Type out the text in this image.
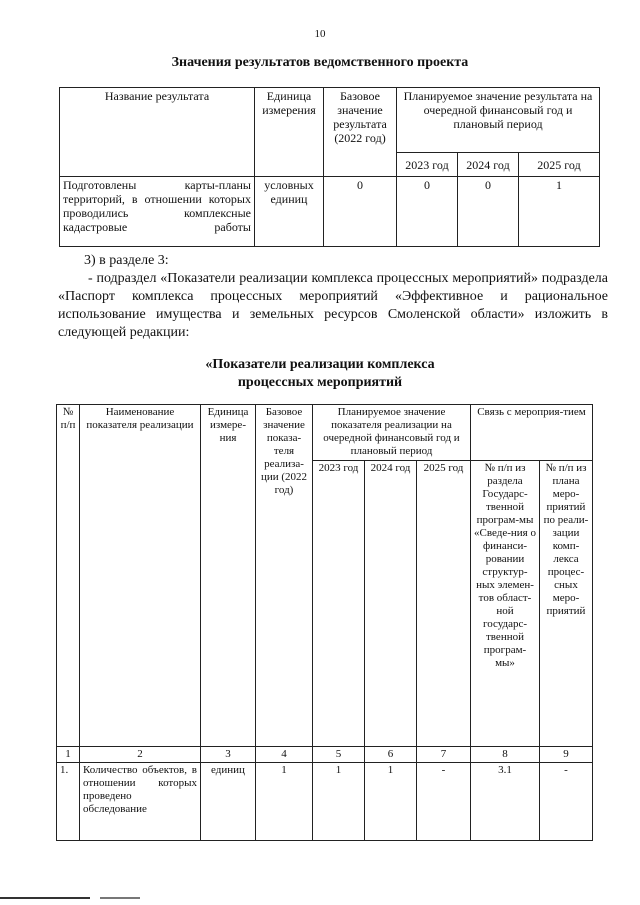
10
Значения результатов ведомственного проекта
Название результата	Единица измерения	Базовое значение результата (2022 год)	Планируемое значение результата на очередной финансовый год и плановый период		
			2023 год	2024 год	2025 год
Подготовлены карты-планы территорий, в отношении которых проводились комплексные кадастровые работы	условных единиц	0	0	0	1
3) в разделе 3:
- подраздел «Показатели реализации комплекса процессных мероприятий» подраздела «Паспорт комплекса процессных мероприятий «Эффективное и рациональное использование имущества и земельных ресурсов Смоленской области» изложить в следующей редакции:
«Показатели реализации комплекса
процессных мероприятий
№ п/п	Наименование показателя реализации	Единица измере-ния	Базовое значение показа-теля реализа-ции (2022 год)	Планируемое значение показателя реализации на очередной финансовый год и плановый период			Связь с мероприя-тием	
				2023 год	2024 год	2025 год	№ п/п из раздела Государс-твенной програм-мы «Сведе-ния о финанси-ровании структур-ных элемен-тов област-ной государс-твенной програм-мы»	№ п/п из плана меро-приятий по реали-зации комп-лекса процес-сных меро-приятий
1	2	3	4	5	6	7	8	9
1.	Количество объектов, в отношении которых проведено обследование	единиц	1	1	1	-	3.1	-
